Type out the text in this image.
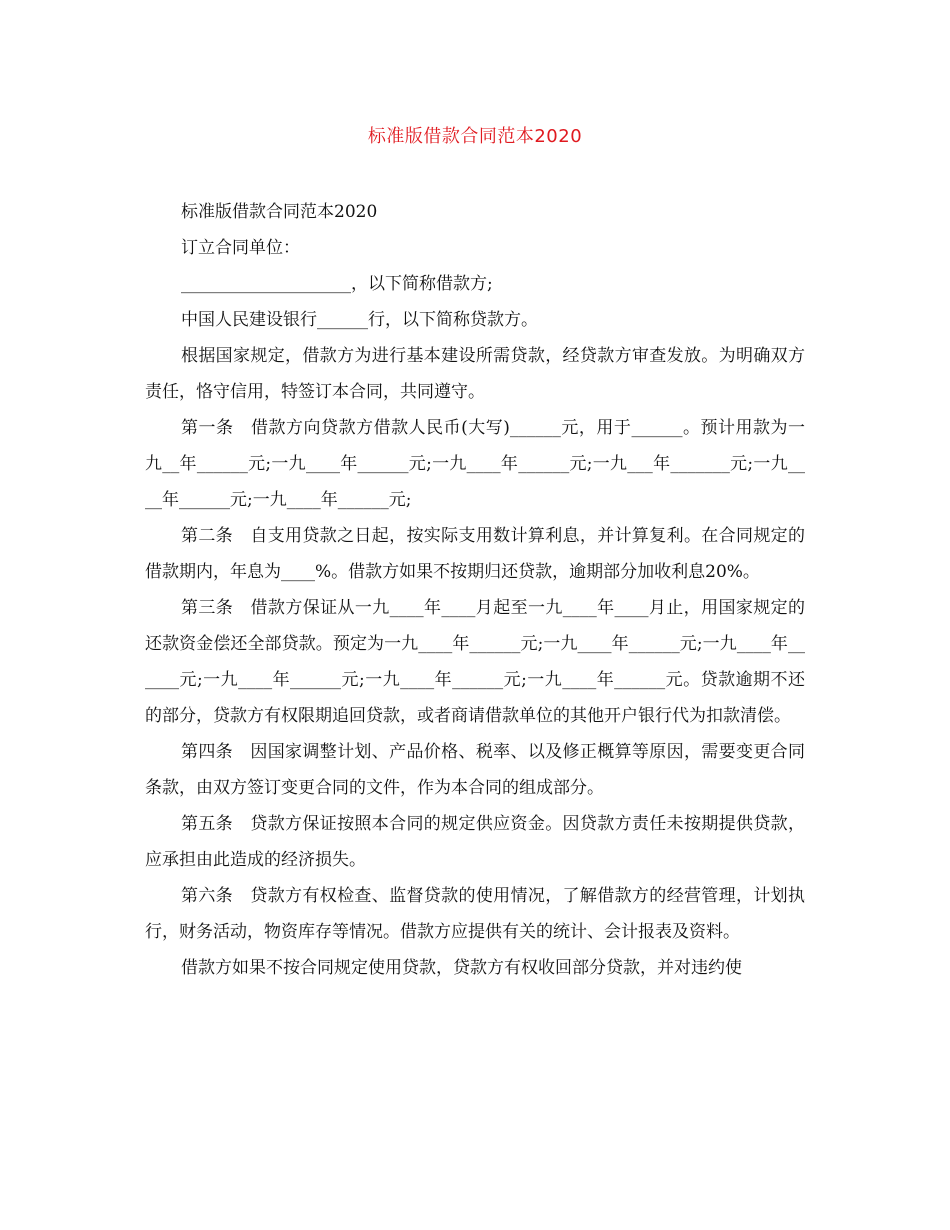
标准版借款合同范本2020

标准版借款合同范本2020

订立合同单位：

____________________，以下简称借款方;

中国人民建设银行______行，以下简称贷款方。

根据国家规定，借款方为进行基本建设所需贷款，经贷款方审查发放。为明确双方责任，恪守信用，特签订本合同，共同遵守。

第一条　借款方向贷款方借款人民币(大写)______元，用于______。预计用款为一九__年______元;一九____年______元;一九____年______元;一九___年_______元;一九____年______元;一九____年______元;

第二条　自支用贷款之日起，按实际支用数计算利息，并计算复利。在合同规定的借款期内，年息为____%。借款方如果不按期归还贷款，逾期部分加收利息20%。

第三条　借款方保证从一九____年____月起至一九____年____月止，用国家规定的还款资金偿还全部贷款。预定为一九____年______元;一九____年______元;一九____年______元;一九____年______元;一九____年______元;一九____年______元。贷款逾期不还的部分，贷款方有权限期追回贷款，或者商请借款单位的其他开户银行代为扣款清偿。

第四条　因国家调整计划、产品价格、税率、以及修正概算等原因，需要变更合同条款，由双方签订变更合同的文件，作为本合同的组成部分。

第五条　贷款方保证按照本合同的规定供应资金。因贷款方责任未按期提供贷款，应承担由此造成的经济损失。

第六条　贷款方有权检查、监督贷款的使用情况，了解借款方的经营管理，计划执行，财务活动，物资库存等情况。借款方应提供有关的统计、会计报表及资料。

借款方如果不按合同规定使用贷款，贷款方有权收回部分贷款，并对违约使
